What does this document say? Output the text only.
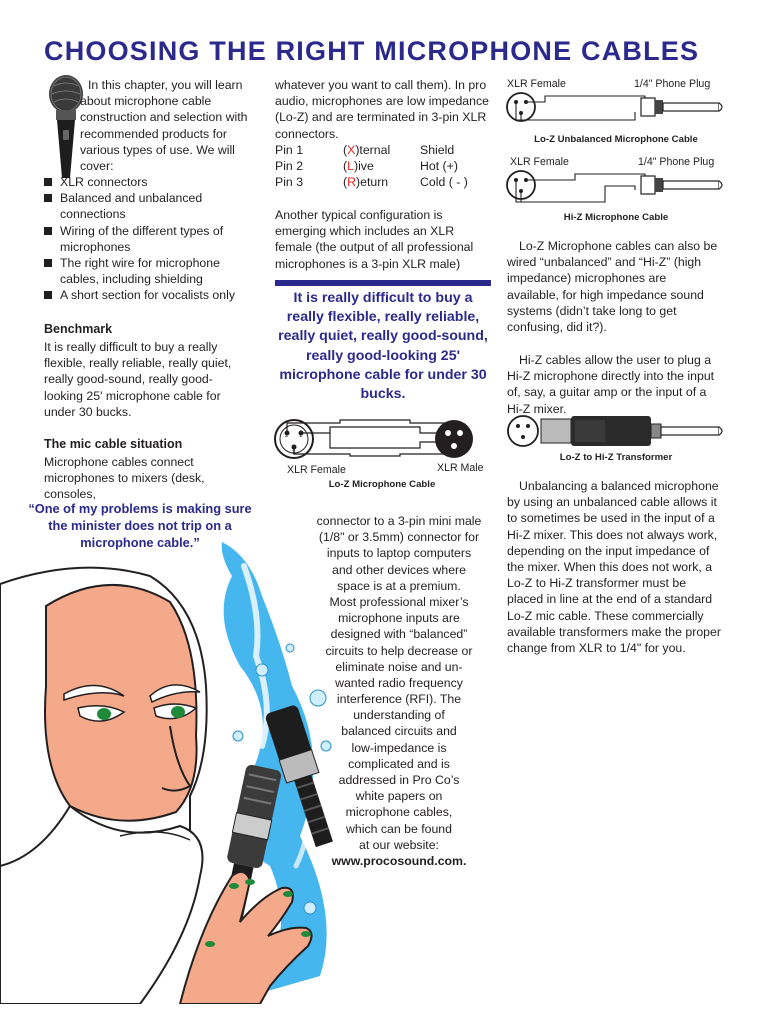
CHOOSING THE RIGHT MICROPHONE CABLES

In this chapter, you will learn about microphone cable construction and selection with recommended products for various types of use. We will cover:

XLR connectors
Balanced and unbalanced connections
Wiring of the different types of microphones
The right wire for microphone cables, including shielding
A short section for vocalists only
Benchmark
It is really difficult to buy a really flexible, really reliable, really quiet, really good-sound, really good-looking 25' microphone cable for under 30 bucks.
The mic cable situation
Microphone cables connect microphones to mixers (desk, consoles,
“One of my problems is making sure the minister does not trip on a microphone cable.”
whatever you want to call them). In pro audio, microphones are low impedance (Lo-Z) and are terminated in 3-pin XLR connectors.
Pin 1	(X)ternal	Shield
Pin 2	(L)ive	Hot (+)
Pin 3	(R)eturn	Cold ( - )
Another typical configuration is emerging which includes an XLR female (the output of all professional microphones is a 3-pin XLR male)
It is really difficult to buy a really flexible, really reliable, really quiet, really good-sound, really good-looking 25' microphone cable for under 30 bucks.
2 1
3
XLR Female	XLR Male
Lo-Z Microphone Cable
connector to a 3-pin mini male
(1/8" or 3.5mm) connector for
inputs to laptop computers
and other devices where
space is at a premium.
Most professional mixer’s
microphone inputs are
designed with “balanced”
circuits to help decrease or
eliminate noise and un-
wanted radio frequency
interference (RFI). The
understanding of
balanced circuits and
low-impedance is
complicated and is
addressed in Pro Co’s
white papers on
microphone cables,
which can be found
at our website:
www.procosound.com.
XLR Female	1/4" Phone Plug
Lo-Z Unbalanced Microphone Cable
XLR Female	1/4" Phone Plug
Hi-Z Microphone Cable
Lo-Z Microphone cables can also be wired “unbalanced” and “Hi-Z” (high impedance) microphones are available, for high impedance sound systems (didn’t take long to get confusing, did it?).
Hi-Z cables allow the user to plug a Hi-Z microphone directly into the input of, say, a guitar amp or the input of a Hi-Z mixer.
Lo-Z to Hi-Z Transformer
Unbalancing a balanced microphone by using an unbalanced cable allows it to sometimes be used in the input of a Hi-Z mixer. This does not always work, depending on the input impedance of the mixer. When this does not work, a Lo-Z to Hi-Z transformer must be placed in line at the end of a standard Lo-Z mic cable. These commercially available transformers make the proper change from XLR to 1/4" for you.
